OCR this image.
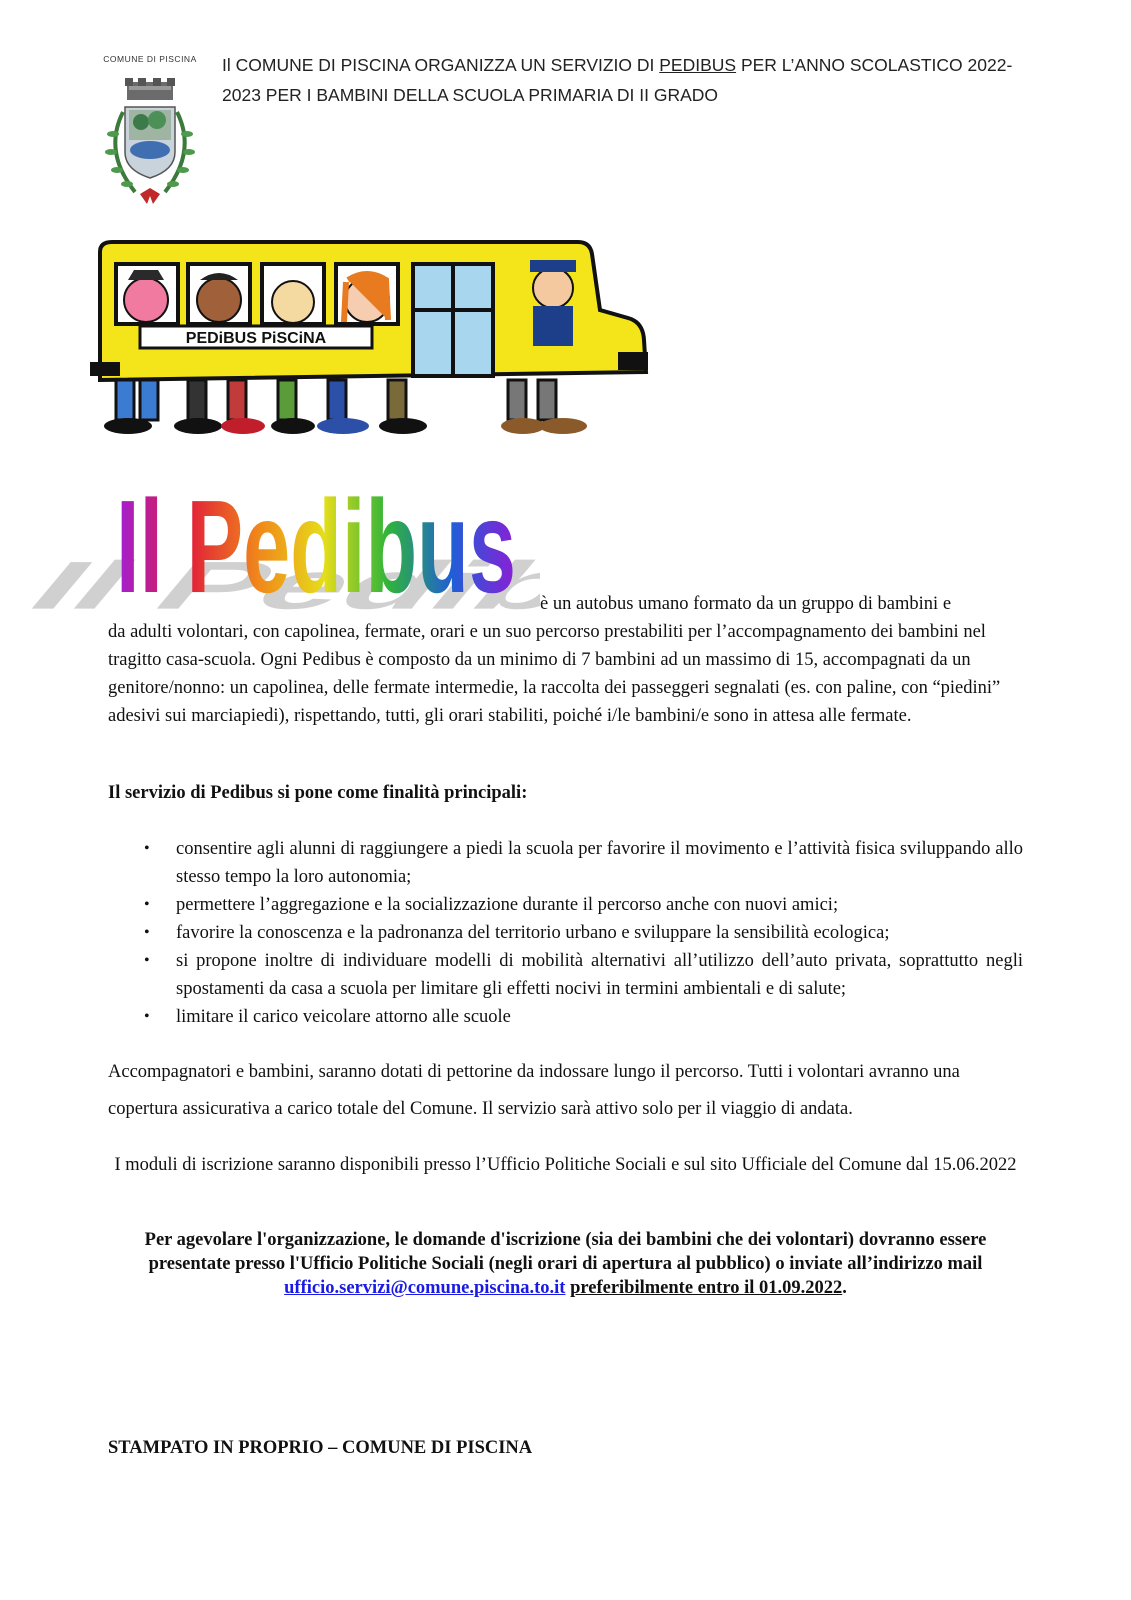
COMUNE DI PISCINA	Il COMUNE DI PISCINA ORGANIZZA UN SERVIZIO DI PEDIBUS PER L’ANNO SCOLASTICO 2022-2023 PER I BAMBINI DELLA SCUOLA PRIMARIA DI II GRADO
PEDiBUS PiSCiNA
Il Pedibus
Il Pedibus è un autobus umano formato da un gruppo di bambini e
da adulti volontari, con capolinea, fermate, orari e un suo percorso prestabiliti per l’accompagnamento dei bambini nel tragitto casa-scuola. Ogni Pedibus è composto da un minimo di 7 bambini ad un massimo di 15, accompagnati da un genitore/nonno: un capolinea, delle fermate intermedie, la raccolta dei passeggeri segnalati (es. con paline, con “piedini” adesivi sui marciapiedi), rispettando, tutti, gli orari stabiliti, poiché i/le bambini/e sono in attesa alle fermate.
Il servizio di Pedibus si pone come finalità principali:
• consentire agli alunni di raggiungere a piedi la scuola per favorire il movimento e l’attività fisica sviluppando allo stesso tempo la loro autonomia;
• permettere l’aggregazione e la socializzazione durante il percorso anche con nuovi amici;
• favorire la conoscenza e la padronanza del territorio urbano e sviluppare la sensibilità ecologica;
• si propone inoltre di individuare modelli di mobilità alternativi all’utilizzo dell’auto privata, soprattutto negli spostamenti da casa a scuola per limitare gli effetti nocivi in termini ambientali e di salute;
• limitare il carico veicolare attorno alle scuole
Accompagnatori e bambini, saranno dotati di pettorine da indossare lungo il percorso. Tutti i volontari avranno una copertura assicurativa a carico totale del Comune. Il servizio sarà attivo solo per il viaggio di andata.
I moduli di iscrizione saranno disponibili presso l’Ufficio Politiche Sociali e sul sito Ufficiale del Comune dal 15.06.2022
Per agevolare l'organizzazione, le domande d'iscrizione (sia dei bambini che dei volontari) dovranno essere presentate presso l'Ufficio Politiche Sociali (negli orari di apertura al pubblico) o inviate all’indirizzo mail ufficio.servizi@comune.piscina.to.it preferibilmente entro il 01.09.2022.
STAMPATO IN PROPRIO – COMUNE DI PISCINA
